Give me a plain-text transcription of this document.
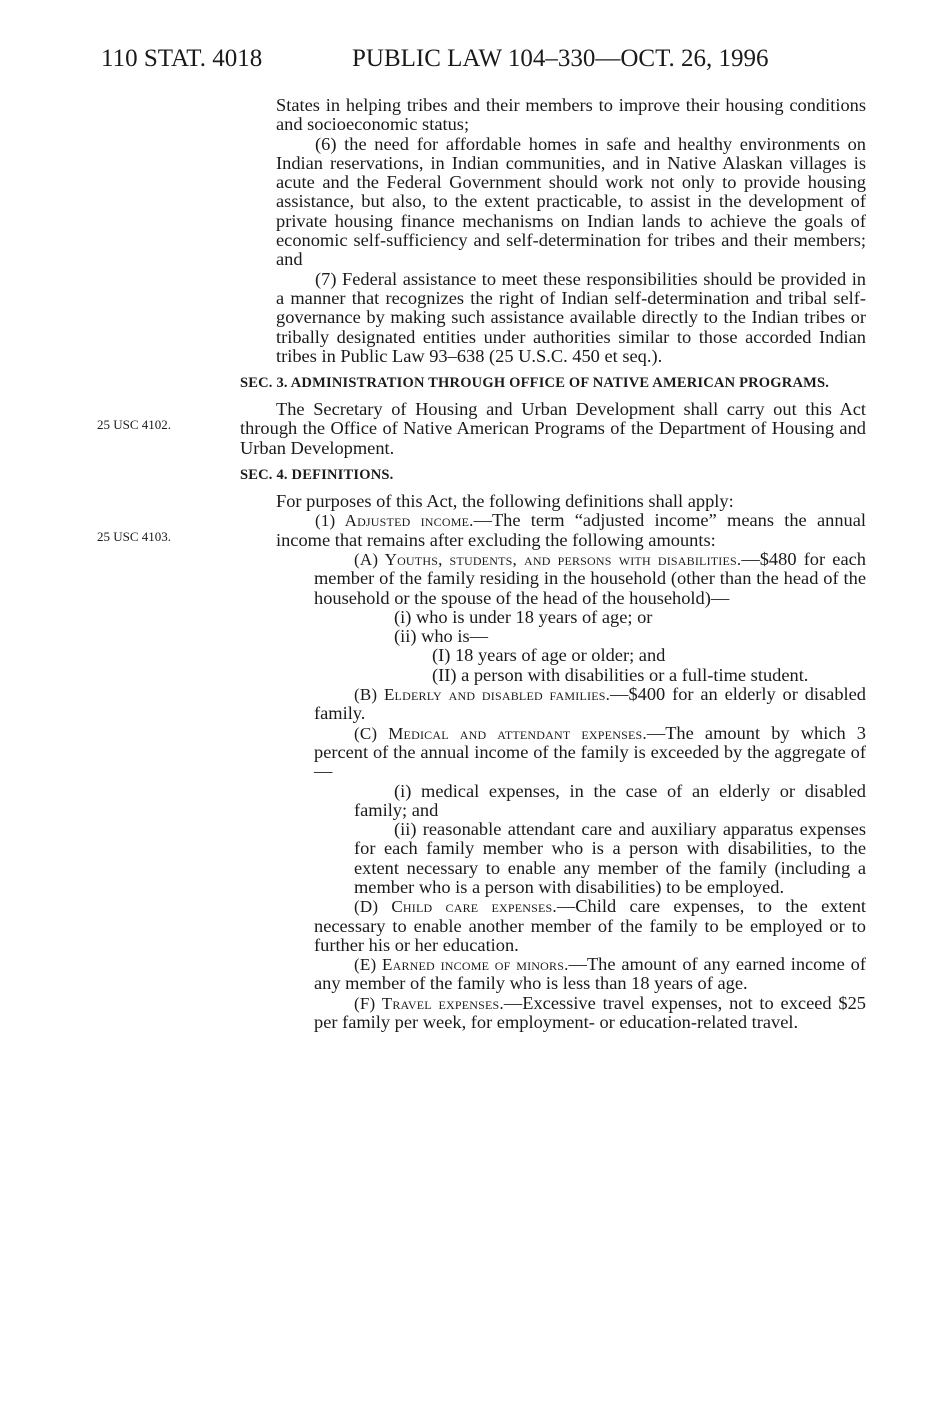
110 STAT. 4018	PUBLIC LAW 104–330—OCT. 26, 1996
25 USC 4102.
25 USC 4103.

States in helping tribes and their members to improve their housing conditions and socioeconomic status;

(6) the need for affordable homes in safe and healthy environments on Indian reservations, in Indian communities, and in Native Alaskan villages is acute and the Federal Government should work not only to provide housing assistance, but also, to the extent practicable, to assist in the development of private housing finance mechanisms on Indian lands to achieve the goals of economic self-sufficiency and self-determination for tribes and their members; and

(7) Federal assistance to meet these responsibilities should be provided in a manner that recognizes the right of Indian self-determination and tribal self-governance by making such assistance available directly to the Indian tribes or tribally designated entities under authorities similar to those accorded Indian tribes in Public Law 93–638 (25 U.S.C. 450 et seq.).

SEC. 3. ADMINISTRATION THROUGH OFFICE OF NATIVE AMERICAN PROGRAMS.

The Secretary of Housing and Urban Development shall carry out this Act through the Office of Native American Programs of the Department of Housing and Urban Development.

SEC. 4. DEFINITIONS.

For purposes of this Act, the following definitions shall apply:

(1) Adjusted income.—The term “adjusted income” means the annual income that remains after excluding the following amounts:

(A) Youths, students, and persons with disabilities.—$480 for each member of the family residing in the household (other than the head of the household or the spouse of the head of the household)—

(i) who is under 18 years of age; or

(ii) who is—

(I) 18 years of age or older; and

(II) a person with disabilities or a full-time student.

(B) Elderly and disabled families.—$400 for an elderly or disabled family.

(C) Medical and attendant expenses.—The amount by which 3 percent of the annual income of the family is exceeded by the aggregate of—

(i) medical expenses, in the case of an elderly or disabled family; and

(ii) reasonable attendant care and auxiliary apparatus expenses for each family member who is a person with disabilities, to the extent necessary to enable any member of the family (including a member who is a person with disabilities) to be employed.

(D) Child care expenses.—Child care expenses, to the extent necessary to enable another member of the family to be employed or to further his or her education.

(E) Earned income of minors.—The amount of any earned income of any member of the family who is less than 18 years of age.

(F) Travel expenses.—Excessive travel expenses, not to exceed $25 per family per week, for employment- or education-related travel.
